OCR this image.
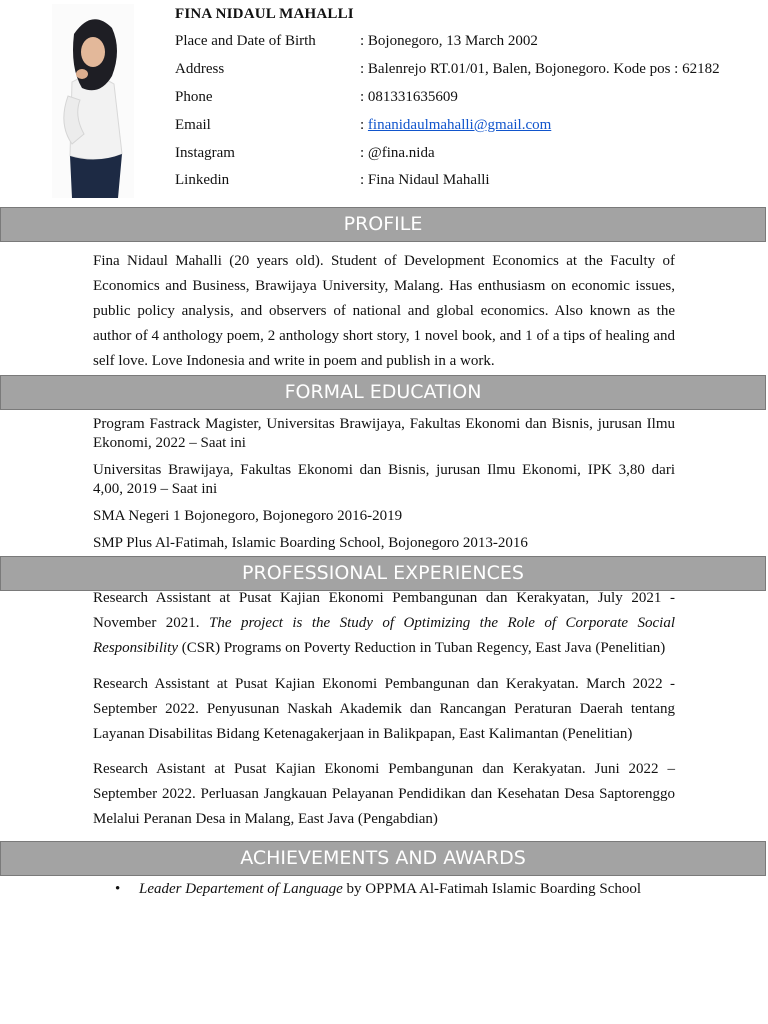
FINA NIDAUL MAHALLI
Place and Date of Birth	: Bojonegoro, 13 March 2002
Address	: Balenrejo RT.01/01, Balen, Bojonegoro. Kode pos : 62182
Phone	: 081331635609
Email	: finanidaulmahalli@gmail.com
Instagram	: @fina.nida
Linkedin	: Fina Nidaul Mahalli
PROFILE
Fina Nidaul Mahalli (20 years old). Student of Development Economics at the Faculty of Economics and Business, Brawijaya University, Malang. Has enthusiasm on economic issues, public policy analysis, and observers of national and global economics. Also known as the author of 4 anthology poem, 2 anthology short story, 1 novel book, and 1 of a tips of healing and self love. Love Indonesia and write in poem and publish in a work.
FORMAL EDUCATION
Program Fastrack Magister, Universitas Brawijaya, Fakultas Ekonomi dan Bisnis, jurusan Ilmu Ekonomi, 2022 – Saat ini
Universitas Brawijaya, Fakultas Ekonomi dan Bisnis, jurusan Ilmu Ekonomi, IPK 3,80 dari 4,00, 2019 – Saat ini
SMA Negeri 1 Bojonegoro, Bojonegoro 2016-2019
SMP Plus Al-Fatimah, Islamic Boarding School, Bojonegoro 2013-2016
PROFESSIONAL EXPERIENCES
Research Assistant at Pusat Kajian Ekonomi Pembangunan dan Kerakyatan, July 2021 - November 2021. The project is the Study of Optimizing the Role of Corporate Social Responsibility (CSR) Programs on Poverty Reduction in Tuban Regency, East Java (Penelitian)
Research Assistant at Pusat Kajian Ekonomi Pembangunan dan Kerakyatan. March 2022 - September 2022. Penyusunan Naskah Akademik dan Rancangan Peraturan Daerah tentang Layanan Disabilitas Bidang Ketenagakerjaan in Balikpapan, East Kalimantan (Penelitian)
Research Asistant at Pusat Kajian Ekonomi Pembangunan dan Kerakyatan. Juni 2022 – September 2022. Perluasan Jangkauan Pelayanan Pendidikan dan Kesehatan Desa Saptorenggo Melalui Peranan Desa in Malang, East Java (Pengabdian)
ACHIEVEMENTS AND AWARDS
• Leader Departement of Language by OPPMA Al-Fatimah Islamic Boarding School
